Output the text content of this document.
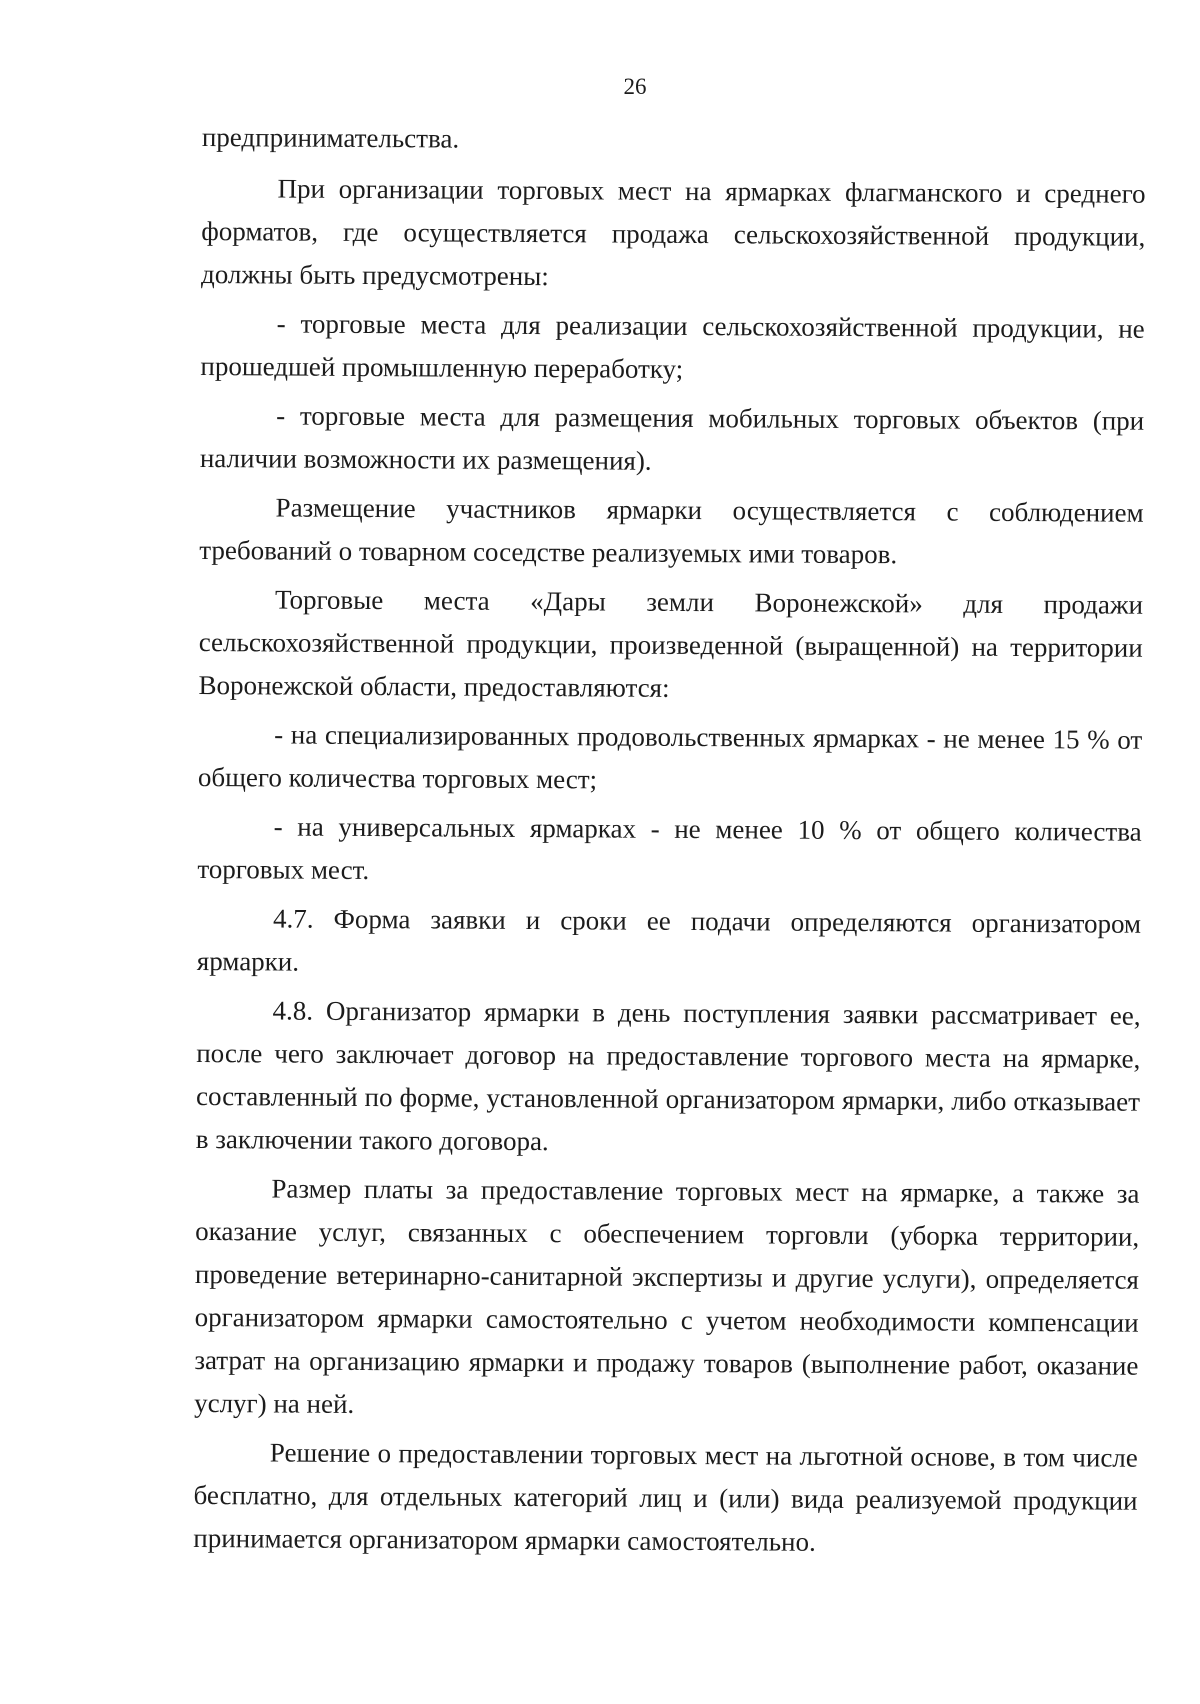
26

предпринимательства.

При организации торговых мест на ярмарках флагманского и среднего форматов, где осуществляется продажа сельскохозяйственной продукции, должны быть предусмотрены:

- торговые места для реализации сельскохозяйственной продукции, не прошедшей промышленную переработку;

- торговые места для размещения мобильных торговых объектов (при наличии возможности их размещения).

Размещение участников ярмарки осуществляется с соблюдением требований о товарном соседстве реализуемых ими товаров.

Торговые места «Дары земли Воронежской» для продажи сельскохозяйственной продукции, произведенной (выращенной) на территории Воронежской области, предоставляются:

- на специализированных продовольственных ярмарках - не менее 15 % от общего количества торговых мест;

- на универсальных ярмарках - не менее 10 % от общего количества торговых мест.

4.7. Форма заявки и сроки ее подачи определяются организатором ярмарки.

4.8. Организатор ярмарки в день поступления заявки рассматривает ее, после чего заключает договор на предоставление торгового места на ярмарке, составленный по форме, установленной организатором ярмарки, либо отказывает в заключении такого договора.

Размер платы за предоставление торговых мест на ярмарке, а также за оказание услуг, связанных с обеспечением торговли (уборка территории, проведение ветеринарно-санитарной экспертизы и другие услуги), определяется организатором ярмарки самостоятельно с учетом необходимости компенсации затрат на организацию ярмарки и продажу товаров (выполнение работ, оказание услуг) на ней.

Решение о предоставлении торговых мест на льготной основе, в том числе бесплатно, для отдельных категорий лиц и (или) вида реализуемой продукции принимается организатором ярмарки самостоятельно.
